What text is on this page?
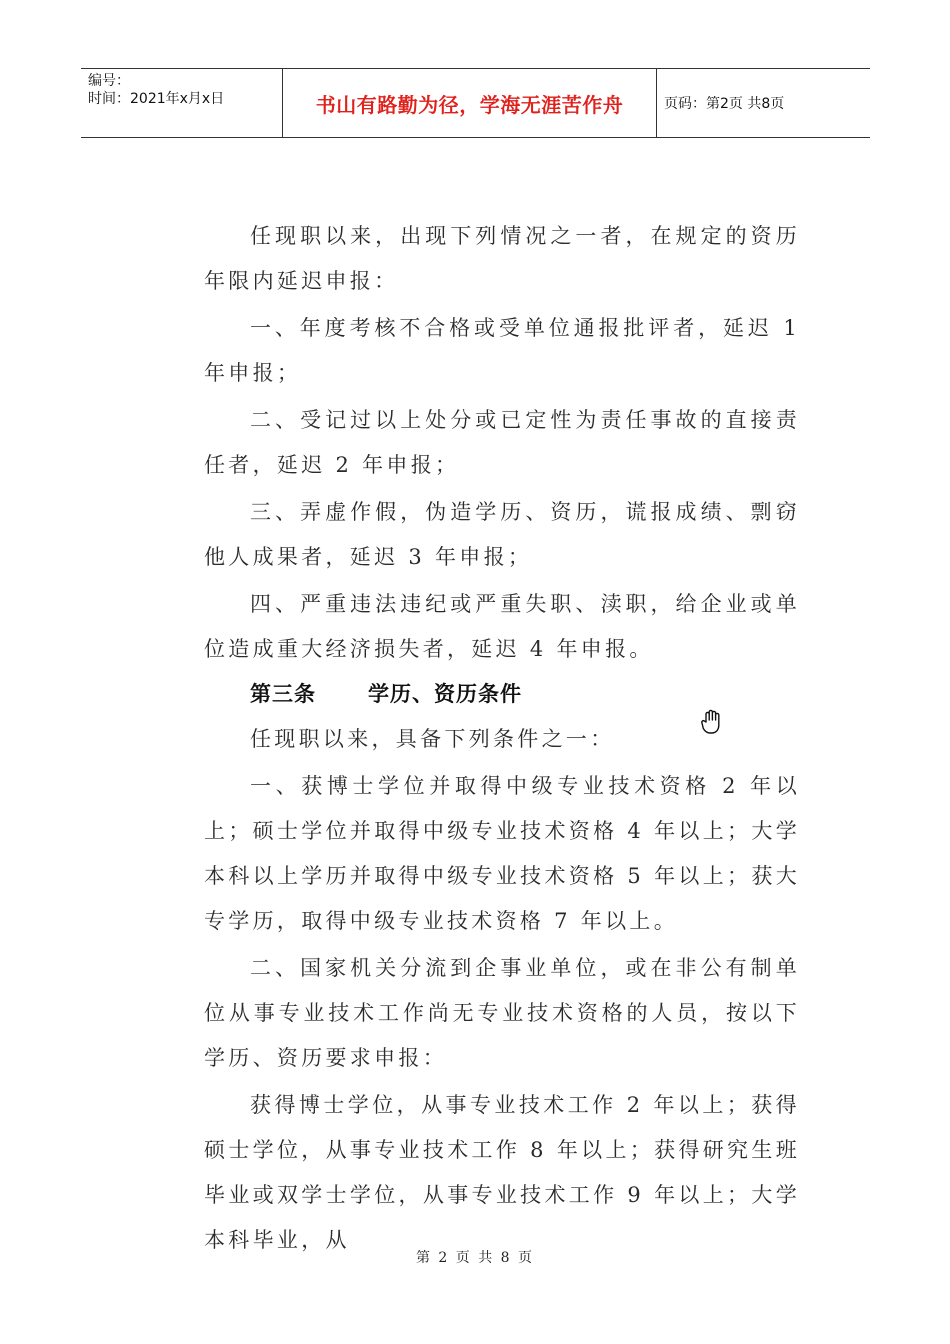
编号：
时间：2021年x月x日	书山有路勤为径，学海无涯苦作舟	页码：第2页 共8页

任现职以来，出现下列情况之一者，在规定的资历年限内延迟申报：

一、年度考核不合格或受单位通报批评者，延迟 1 年申报；

二、受记过以上处分或已定性为责任事故的直接责任者，延迟 2 年申报；

三、弄虚作假，伪造学历、资历，谎报成绩、剽窃他人成果者，延迟 3 年申报；

四、严重违法违纪或严重失职、渎职，给企业或单位造成重大经济损失者，延迟 4 年申报。

第三条 学历、资历条件

任现职以来，具备下列条件之一：

一、获博士学位并取得中级专业技术资格 2 年以上；硕士学位并取得中级专业技术资格 4 年以上；大学本科以上学历并取得中级专业技术资格 5 年以上；获大专学历，取得中级专业技术资格 7 年以上。

二、国家机关分流到企事业单位，或在非公有制单位从事专业技术工作尚无专业技术资格的人员，按以下学历、资历要求申报：

获得博士学位，从事专业技术工作 2 年以上；获得硕士学位，从事专业技术工作 8 年以上；获得研究生班毕业或双学士学位，从事专业技术工作 9 年以上；大学本科毕业，从

第 2 页 共 8 页
